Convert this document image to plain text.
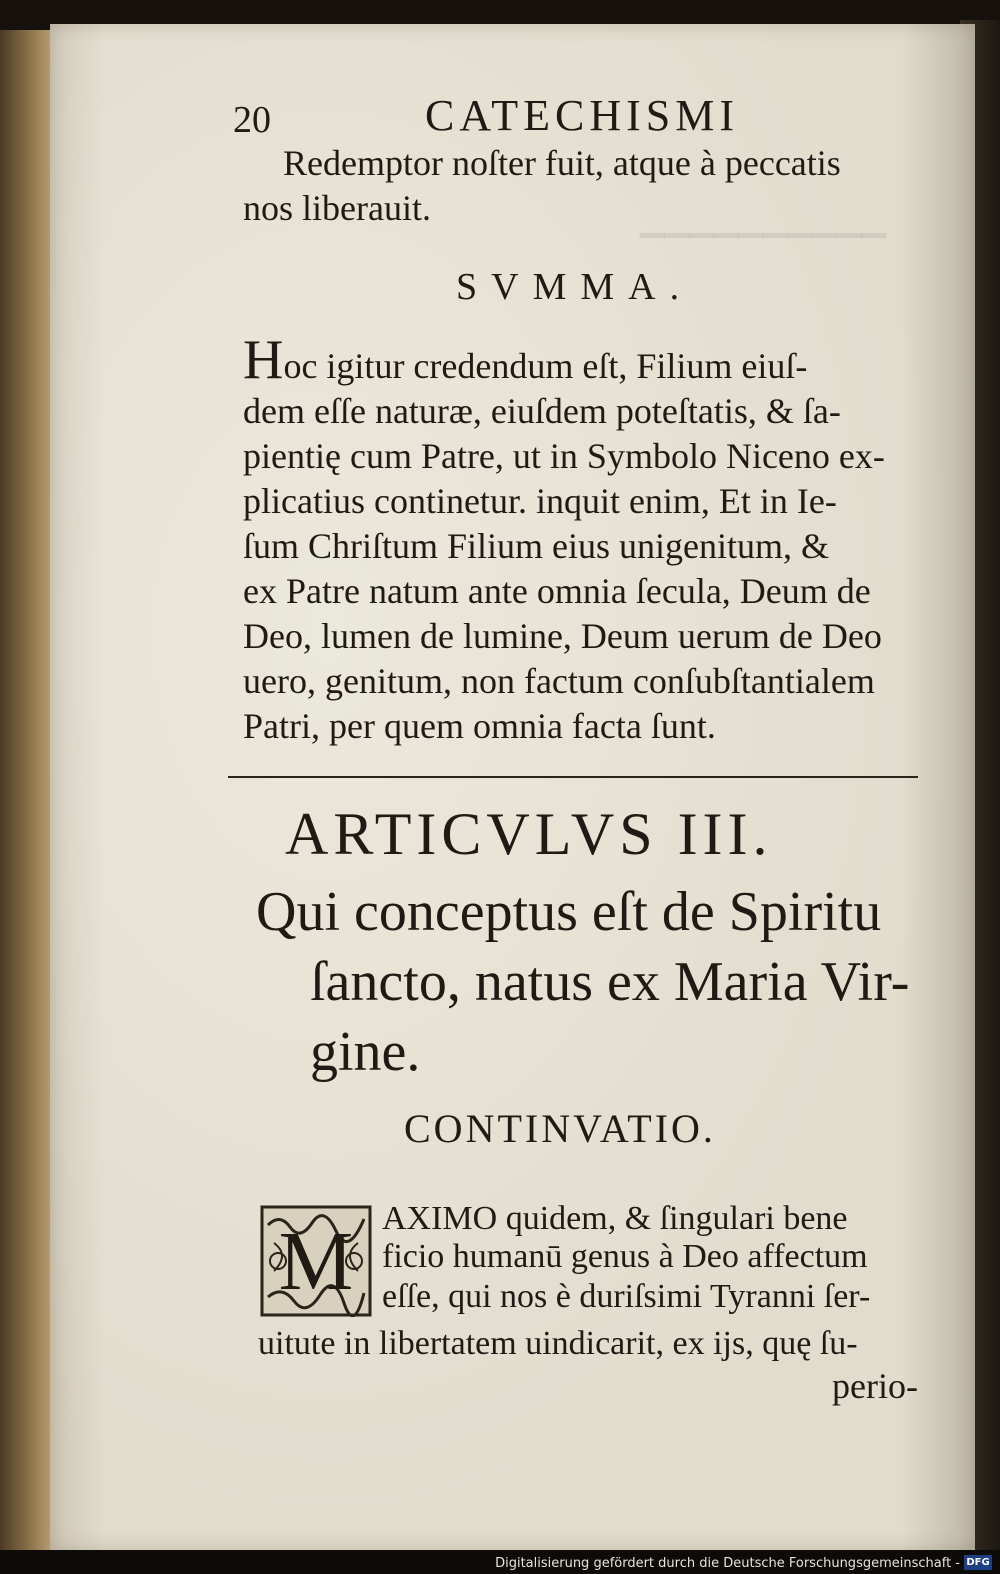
▁▁▁▁▁▁▁▁▁▁
20	CATECHISMI
Redemptor noſter fuit, atque à peccatis
nos liberauit.
SVMMA.
Hoc igitur credendum eſt, Filium eiuſ-
dem eſſe naturæ, eiuſdem poteſtatis, & ſa-
pientię cum Patre, ut in Symbolo Niceno ex-
plicatius continetur. inquit enim, Et in Ie-
ſum Chriſtum Filium eius unigenitum, &
ex Patre natum ante omnia ſecula, Deum de
Deo, lumen de lumine, Deum uerum de Deo
uero, genitum, non factum conſubſtantialem
Patri, per quem omnia facta ſunt.
ARTICVLVS III.
Qui conceptus eſt de Spiritu
ſancto, natus ex Maria Vir-
gine.
CONTINVATIO.
M AXIMO quidem, & ſingulari bene
ficio humanū genus à Deo affectum
eſſe, qui nos è duriſsimi Tyranni ſer-
uitute in libertatem uindicarit, ex ijs, quę ſu-
perio-
Digitalisierung gefördert durch die Deutsche Forschungsgemeinschaft - DFG
